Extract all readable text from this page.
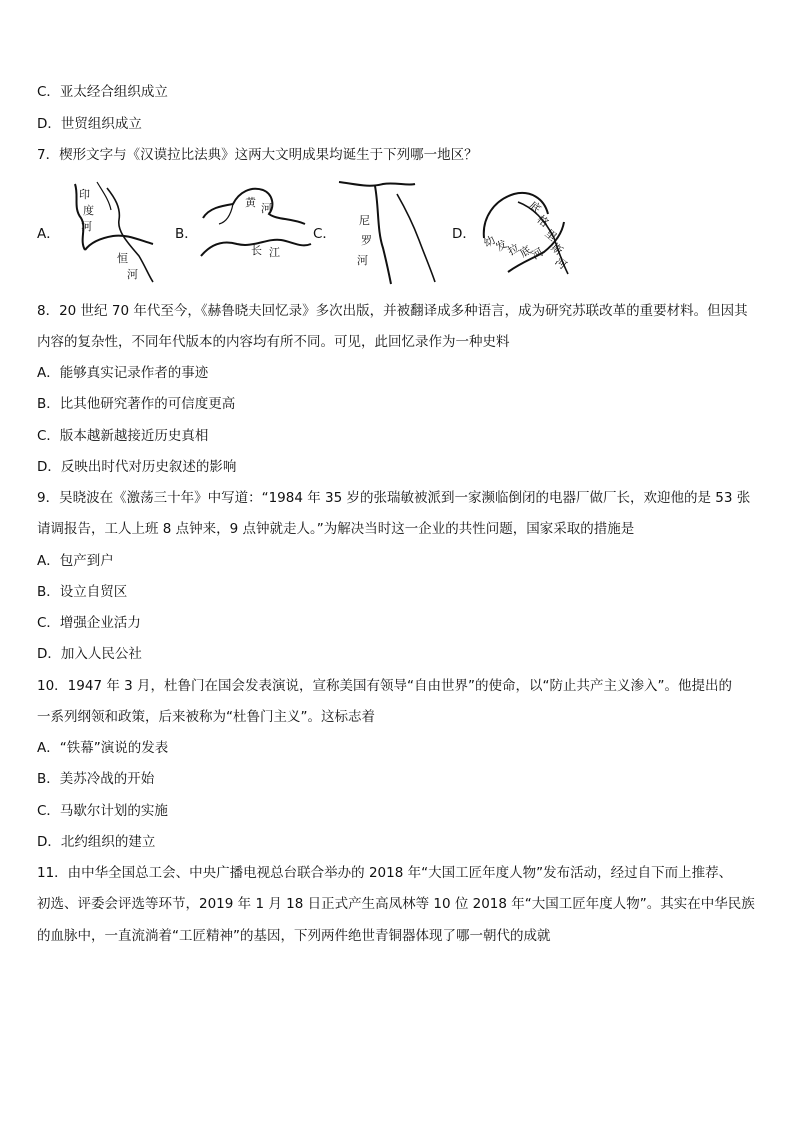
C．亚太经合组织成立
D．世贸组织成立
7．楔形文字与《汉谟拉比法典》这两大文明成果均诞生于下列哪一地区？
A．
印
度
河
恒
河
B．
黄 河
长 江
C．
尼
罗
河
D． 幼
发
拉
底
河
底
格
里
斯
河
8．20 世纪 70 年代至今，《赫鲁晓夫回忆录》多次出版，并被翻译成多种语言，成为研究苏联改革的重要材料。但因其
内容的复杂性，不同年代版本的内容均有所不同。可见，此回忆录作为一种史料
A．能够真实记录作者的事迹
B．比其他研究著作的可信度更高
C．版本越新越接近历史真相
D．反映出时代对历史叙述的影响
9．吴晓波在《激荡三十年》中写道：“1984 年 35 岁的张瑞敏被派到一家濒临倒闭的电器厂做厂长，欢迎他的是 53 张
请调报告，工人上班 8 点钟来，9 点钟就走人。”为解决当时这一企业的共性问题，国家采取的措施是
A．包产到户
B．设立自贸区
C．增强企业活力
D．加入人民公社
10．1947 年 3 月，杜鲁门在国会发表演说，宣称美国有领导“自由世界”的使命，以“防止共产主义渗入”。他提出的
一系列纲领和政策，后来被称为“杜鲁门主义”。这标志着
A．“铁幕”演说的发表
B．美苏冷战的开始
C．马歇尔计划的实施
D．北约组织的建立
11．由中华全国总工会、中央广播电视总台联合举办的 2018 年“大国工匠年度人物”发布活动，经过自下而上推荐、
初选、评委会评选等环节，2019 年 1 月 18 日正式产生高凤林等 10 位 2018 年“大国工匠年度人物”。其实在中华民族
的血脉中，一直流淌着“工匠精神”的基因，下列两件绝世青铜器体现了哪一朝代的成就
